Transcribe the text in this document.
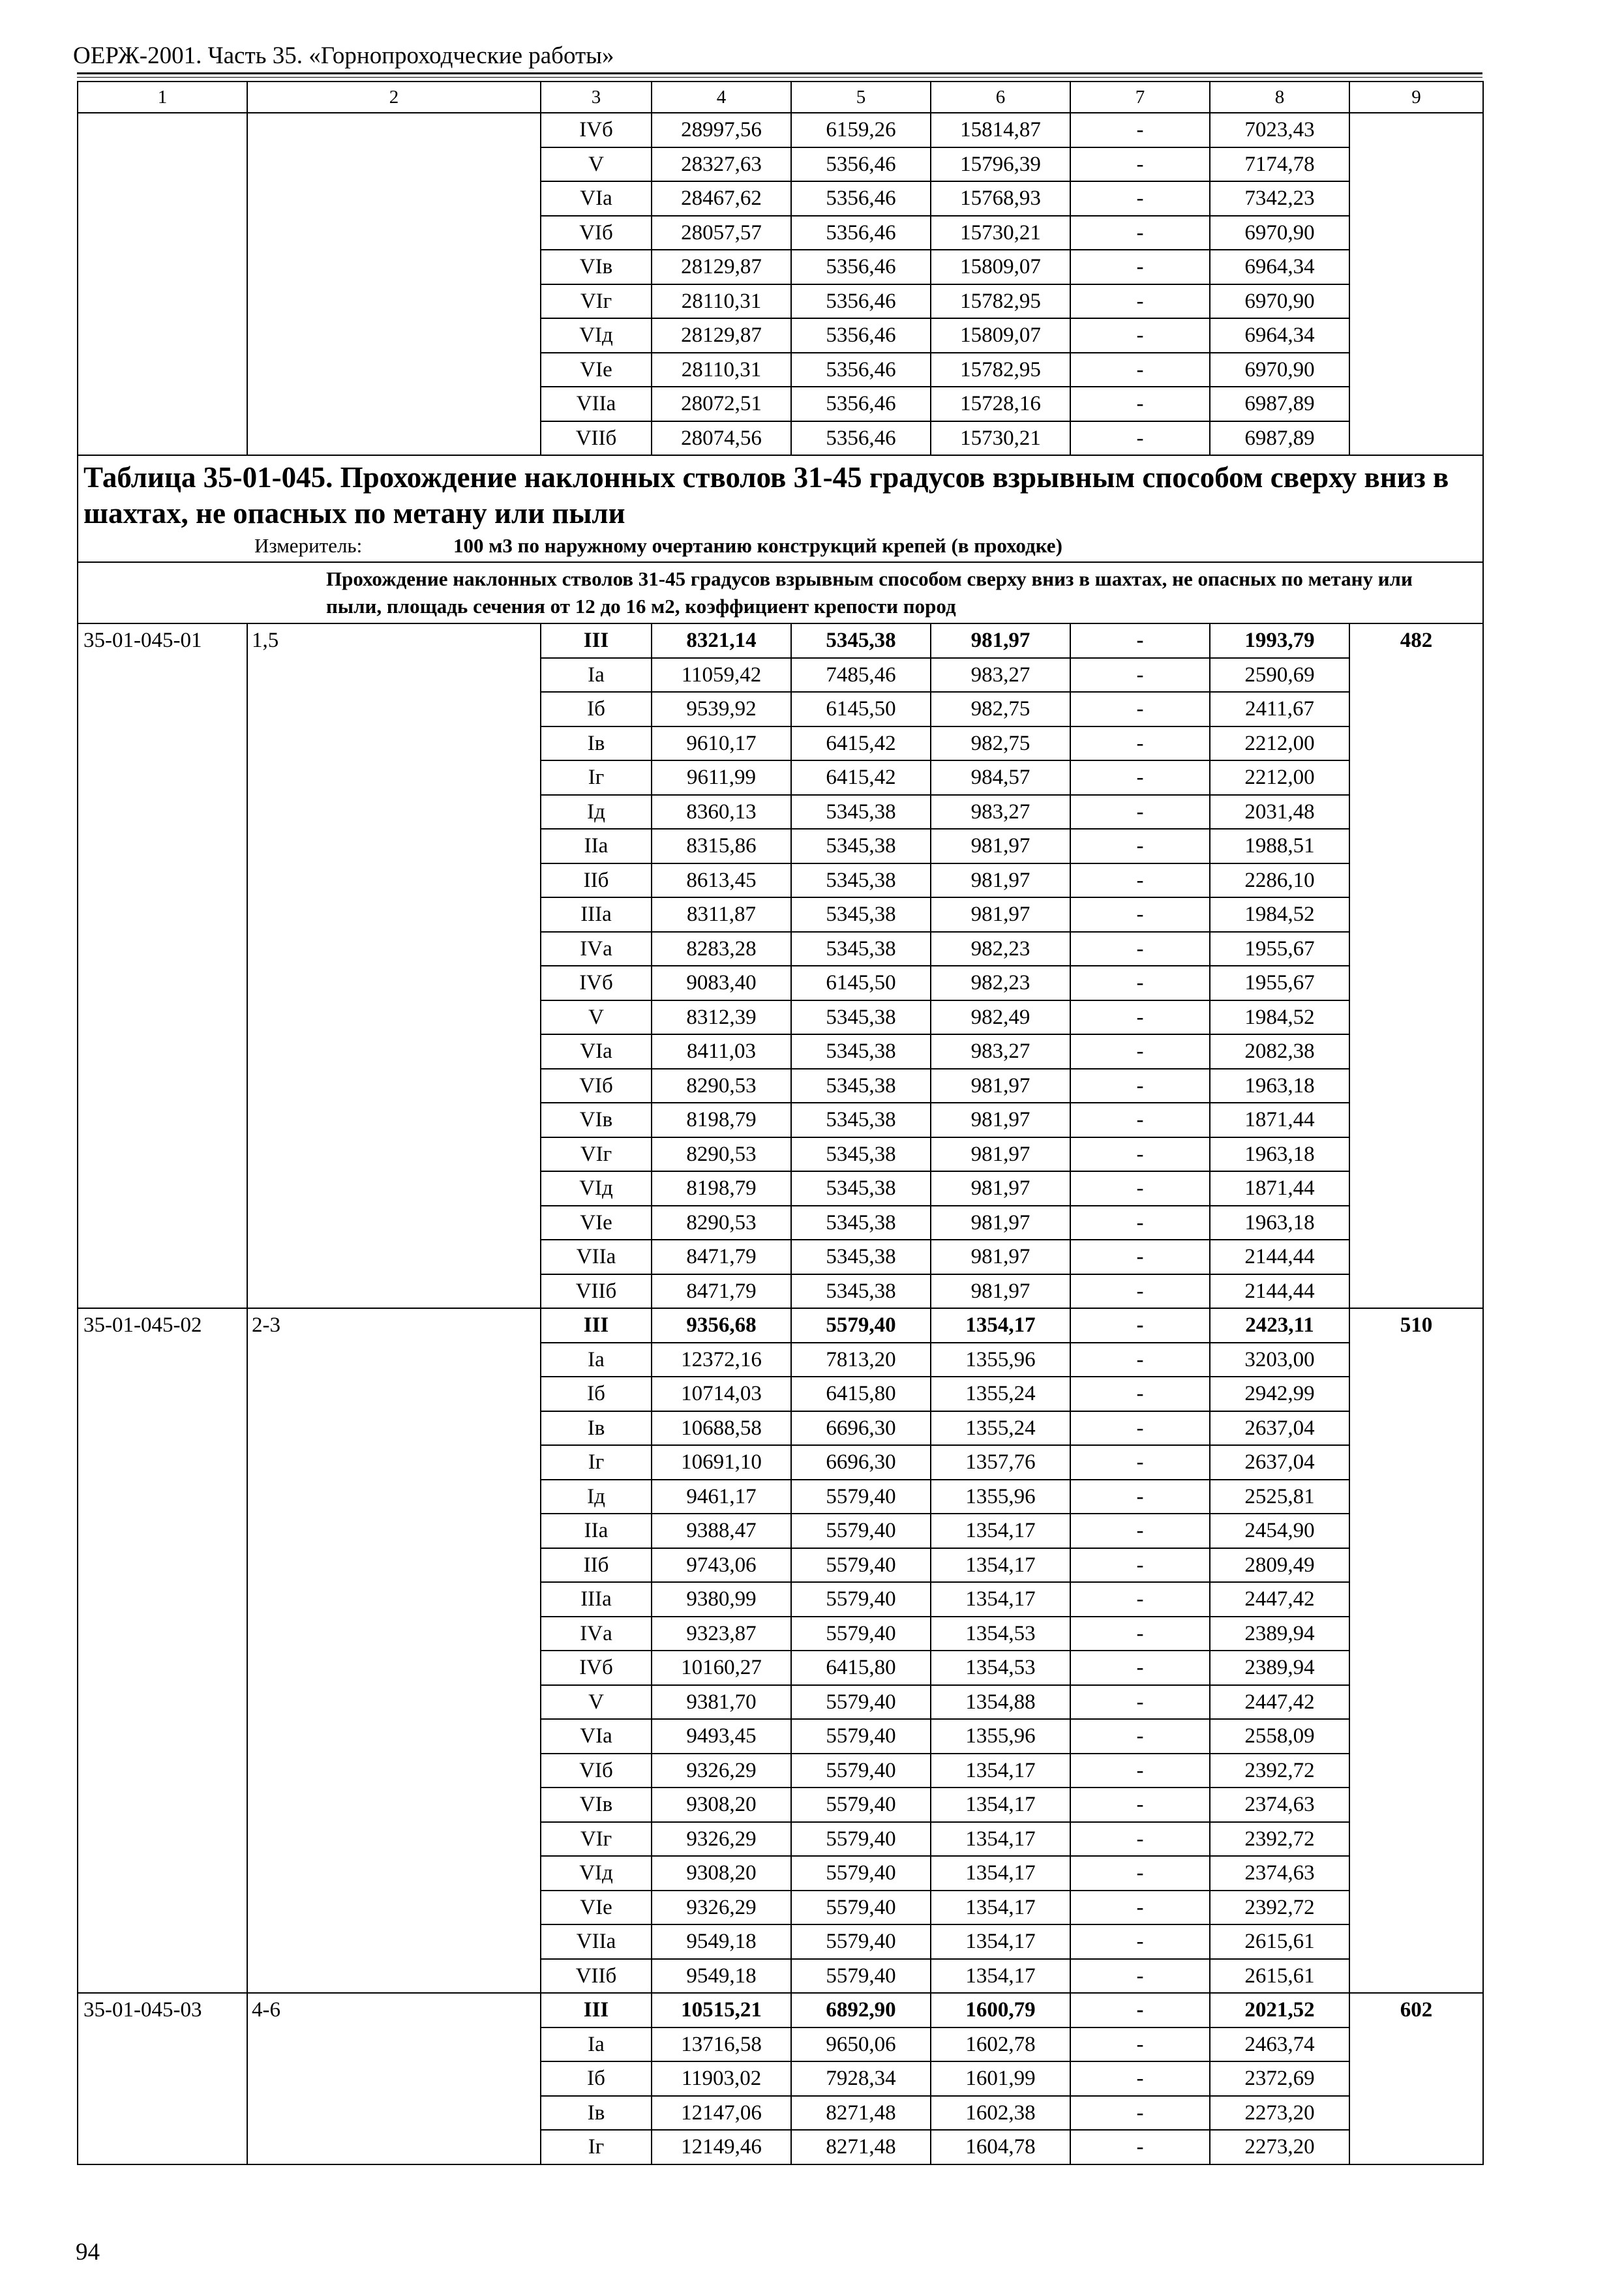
ОЕРЖ-2001. Часть 35. «Горнопроходческие работы»
1	2	3	4	5	6	7	8	9
		IVб	28997,56	6159,26	15814,87	-	7023,43	
		V	28327,63	5356,46	15796,39	-	7174,78	
		VIа	28467,62	5356,46	15768,93	-	7342,23	
		VIб	28057,57	5356,46	15730,21	-	6970,90	
		VIв	28129,87	5356,46	15809,07	-	6964,34	
		VIг	28110,31	5356,46	15782,95	-	6970,90	
		VIд	28129,87	5356,46	15809,07	-	6964,34	
		VIе	28110,31	5356,46	15782,95	-	6970,90	
		VIIа	28072,51	5356,46	15728,16	-	6987,89	
		VIIб	28074,56	5356,46	15730,21	-	6987,89	

Таблица 35-01-045. Прохождение наклонных стволов 31-45 градусов взрывным способом сверху вниз в шахтах, не опасных по метану или пыли
Измеритель: 100 м3 по наружному очертанию конструкций крепей (в проходке)								

Прохождение наклонных стволов 31-45 градусов взрывным способом сверху вниз в шахтах, не опасных по метану или пыли, площадь сечения от 12 до 16 м2, коэффициент крепости пород								
35-01-045-01	1,5	III	8321,14	5345,38	981,97	-	1993,79	482
		Iа	11059,42	7485,46	983,27	-	2590,69	
		Iб	9539,92	6145,50	982,75	-	2411,67	
		Iв	9610,17	6415,42	982,75	-	2212,00	
		Iг	9611,99	6415,42	984,57	-	2212,00	
		Iд	8360,13	5345,38	983,27	-	2031,48	
		IIа	8315,86	5345,38	981,97	-	1988,51	
		IIб	8613,45	5345,38	981,97	-	2286,10	
		IIIа	8311,87	5345,38	981,97	-	1984,52	
		IVа	8283,28	5345,38	982,23	-	1955,67	
		IVб	9083,40	6145,50	982,23	-	1955,67	
		V	8312,39	5345,38	982,49	-	1984,52	
		VIа	8411,03	5345,38	983,27	-	2082,38	
		VIб	8290,53	5345,38	981,97	-	1963,18	
		VIв	8198,79	5345,38	981,97	-	1871,44	
		VIг	8290,53	5345,38	981,97	-	1963,18	
		VIд	8198,79	5345,38	981,97	-	1871,44	
		VIе	8290,53	5345,38	981,97	-	1963,18	
		VIIа	8471,79	5345,38	981,97	-	2144,44	
		VIIб	8471,79	5345,38	981,97	-	2144,44	
35-01-045-02	2-3	III	9356,68	5579,40	1354,17	-	2423,11	510
		Iа	12372,16	7813,20	1355,96	-	3203,00	
		Iб	10714,03	6415,80	1355,24	-	2942,99	
		Iв	10688,58	6696,30	1355,24	-	2637,04	
		Iг	10691,10	6696,30	1357,76	-	2637,04	
		Iд	9461,17	5579,40	1355,96	-	2525,81	
		IIа	9388,47	5579,40	1354,17	-	2454,90	
		IIб	9743,06	5579,40	1354,17	-	2809,49	
		IIIа	9380,99	5579,40	1354,17	-	2447,42	
		IVа	9323,87	5579,40	1354,53	-	2389,94	
		IVб	10160,27	6415,80	1354,53	-	2389,94	
		V	9381,70	5579,40	1354,88	-	2447,42	
		VIа	9493,45	5579,40	1355,96	-	2558,09	
		VIб	9326,29	5579,40	1354,17	-	2392,72	
		VIв	9308,20	5579,40	1354,17	-	2374,63	
		VIг	9326,29	5579,40	1354,17	-	2392,72	
		VIд	9308,20	5579,40	1354,17	-	2374,63	
		VIе	9326,29	5579,40	1354,17	-	2392,72	
		VIIа	9549,18	5579,40	1354,17	-	2615,61	
		VIIб	9549,18	5579,40	1354,17	-	2615,61	
35-01-045-03	4-6	III	10515,21	6892,90	1600,79	-	2021,52	602
		Iа	13716,58	9650,06	1602,78	-	2463,74	
		Iб	11903,02	7928,34	1601,99	-	2372,69	
		Iв	12147,06	8271,48	1602,38	-	2273,20	
		Iг	12149,46	8271,48	1604,78	-	2273,20	
94
